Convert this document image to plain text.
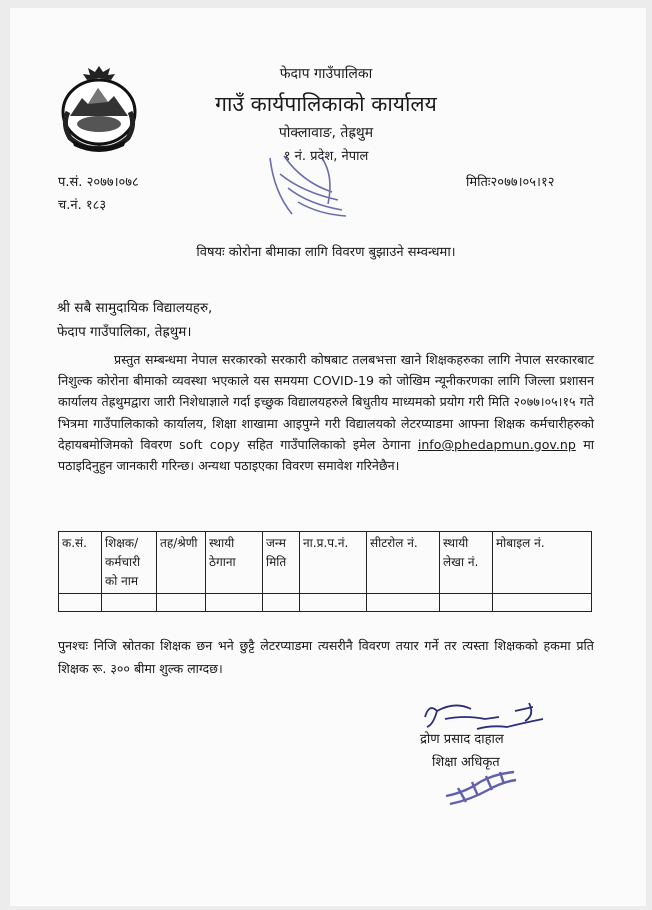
फेदाप गाउँपालिका
गाउँ कार्यपालिकाको कार्यालय
पोक्लावाङ, तेह्रथुम
१ नं. प्रदेश, नेपाल
प.सं. २०७७।०७८
च.नं. १८३
मितिः२०७७।०५।१२
विषयः कोरोना बीमाका लागि विवरण बुझाउने सम्वन्धमा।
श्री सबै सामुदायिक विद्यालयहरु,
फेदाप गाउँपालिका, तेह्रथुम।
प्रस्तुत सम्बन्धमा नेपाल सरकारको सरकारी कोषबाट तलबभत्ता खाने शिक्षकहरुका लागि नेपाल सरकारबाट निशुल्क कोरोना बीमाको व्यवस्था भएकाले यस समयमा COVID-19 को जोखिम न्यूनीकरणका लागि जिल्ला प्रशासन कार्यालय तेह्रथुमद्वारा जारी निशेधाज्ञाले गर्दा इच्छुक विद्यालयहरुले बिधुतीय माध्यमको प्रयोग गरी मिति २०७७।०५।१५ गते भित्रमा गाउँपालिकाको कार्यालय, शिक्षा शाखामा आइपुग्ने गरी विद्यालयको लेटरप्याडमा आफ्ना शिक्षक कर्मचारीहरुको देहायबमोजिमको विवरण soft copy सहित गाउँपालिकाको इमेल ठेगाना info@phedapmun.gov.np मा पठाइदिनुहुन जानकारी गरिन्छ। अन्यथा पठाइएका विवरण समावेश गरिनेछैन।
क.सं.	शिक्षक/ कर्मचारी को नाम	तह/श्रेणी	स्थायी ठेगाना	जन्म मिति	ना.प्र.प.नं.	सीटरोल नं.	स्थायी लेखा नं.	मोबाइल नं.

पुनश्चः निजि स्रोतका शिक्षक छन भने छुट्टै लेटरप्याडमा त्यसरीनै विवरण तयार गर्ने तर त्यस्ता शिक्षकको हकमा प्रति शिक्षक रू. ३०० बीमा शुल्क लाग्दछ।
द्रोण प्रसाद दाहाल
शिक्षा अधिकृत
